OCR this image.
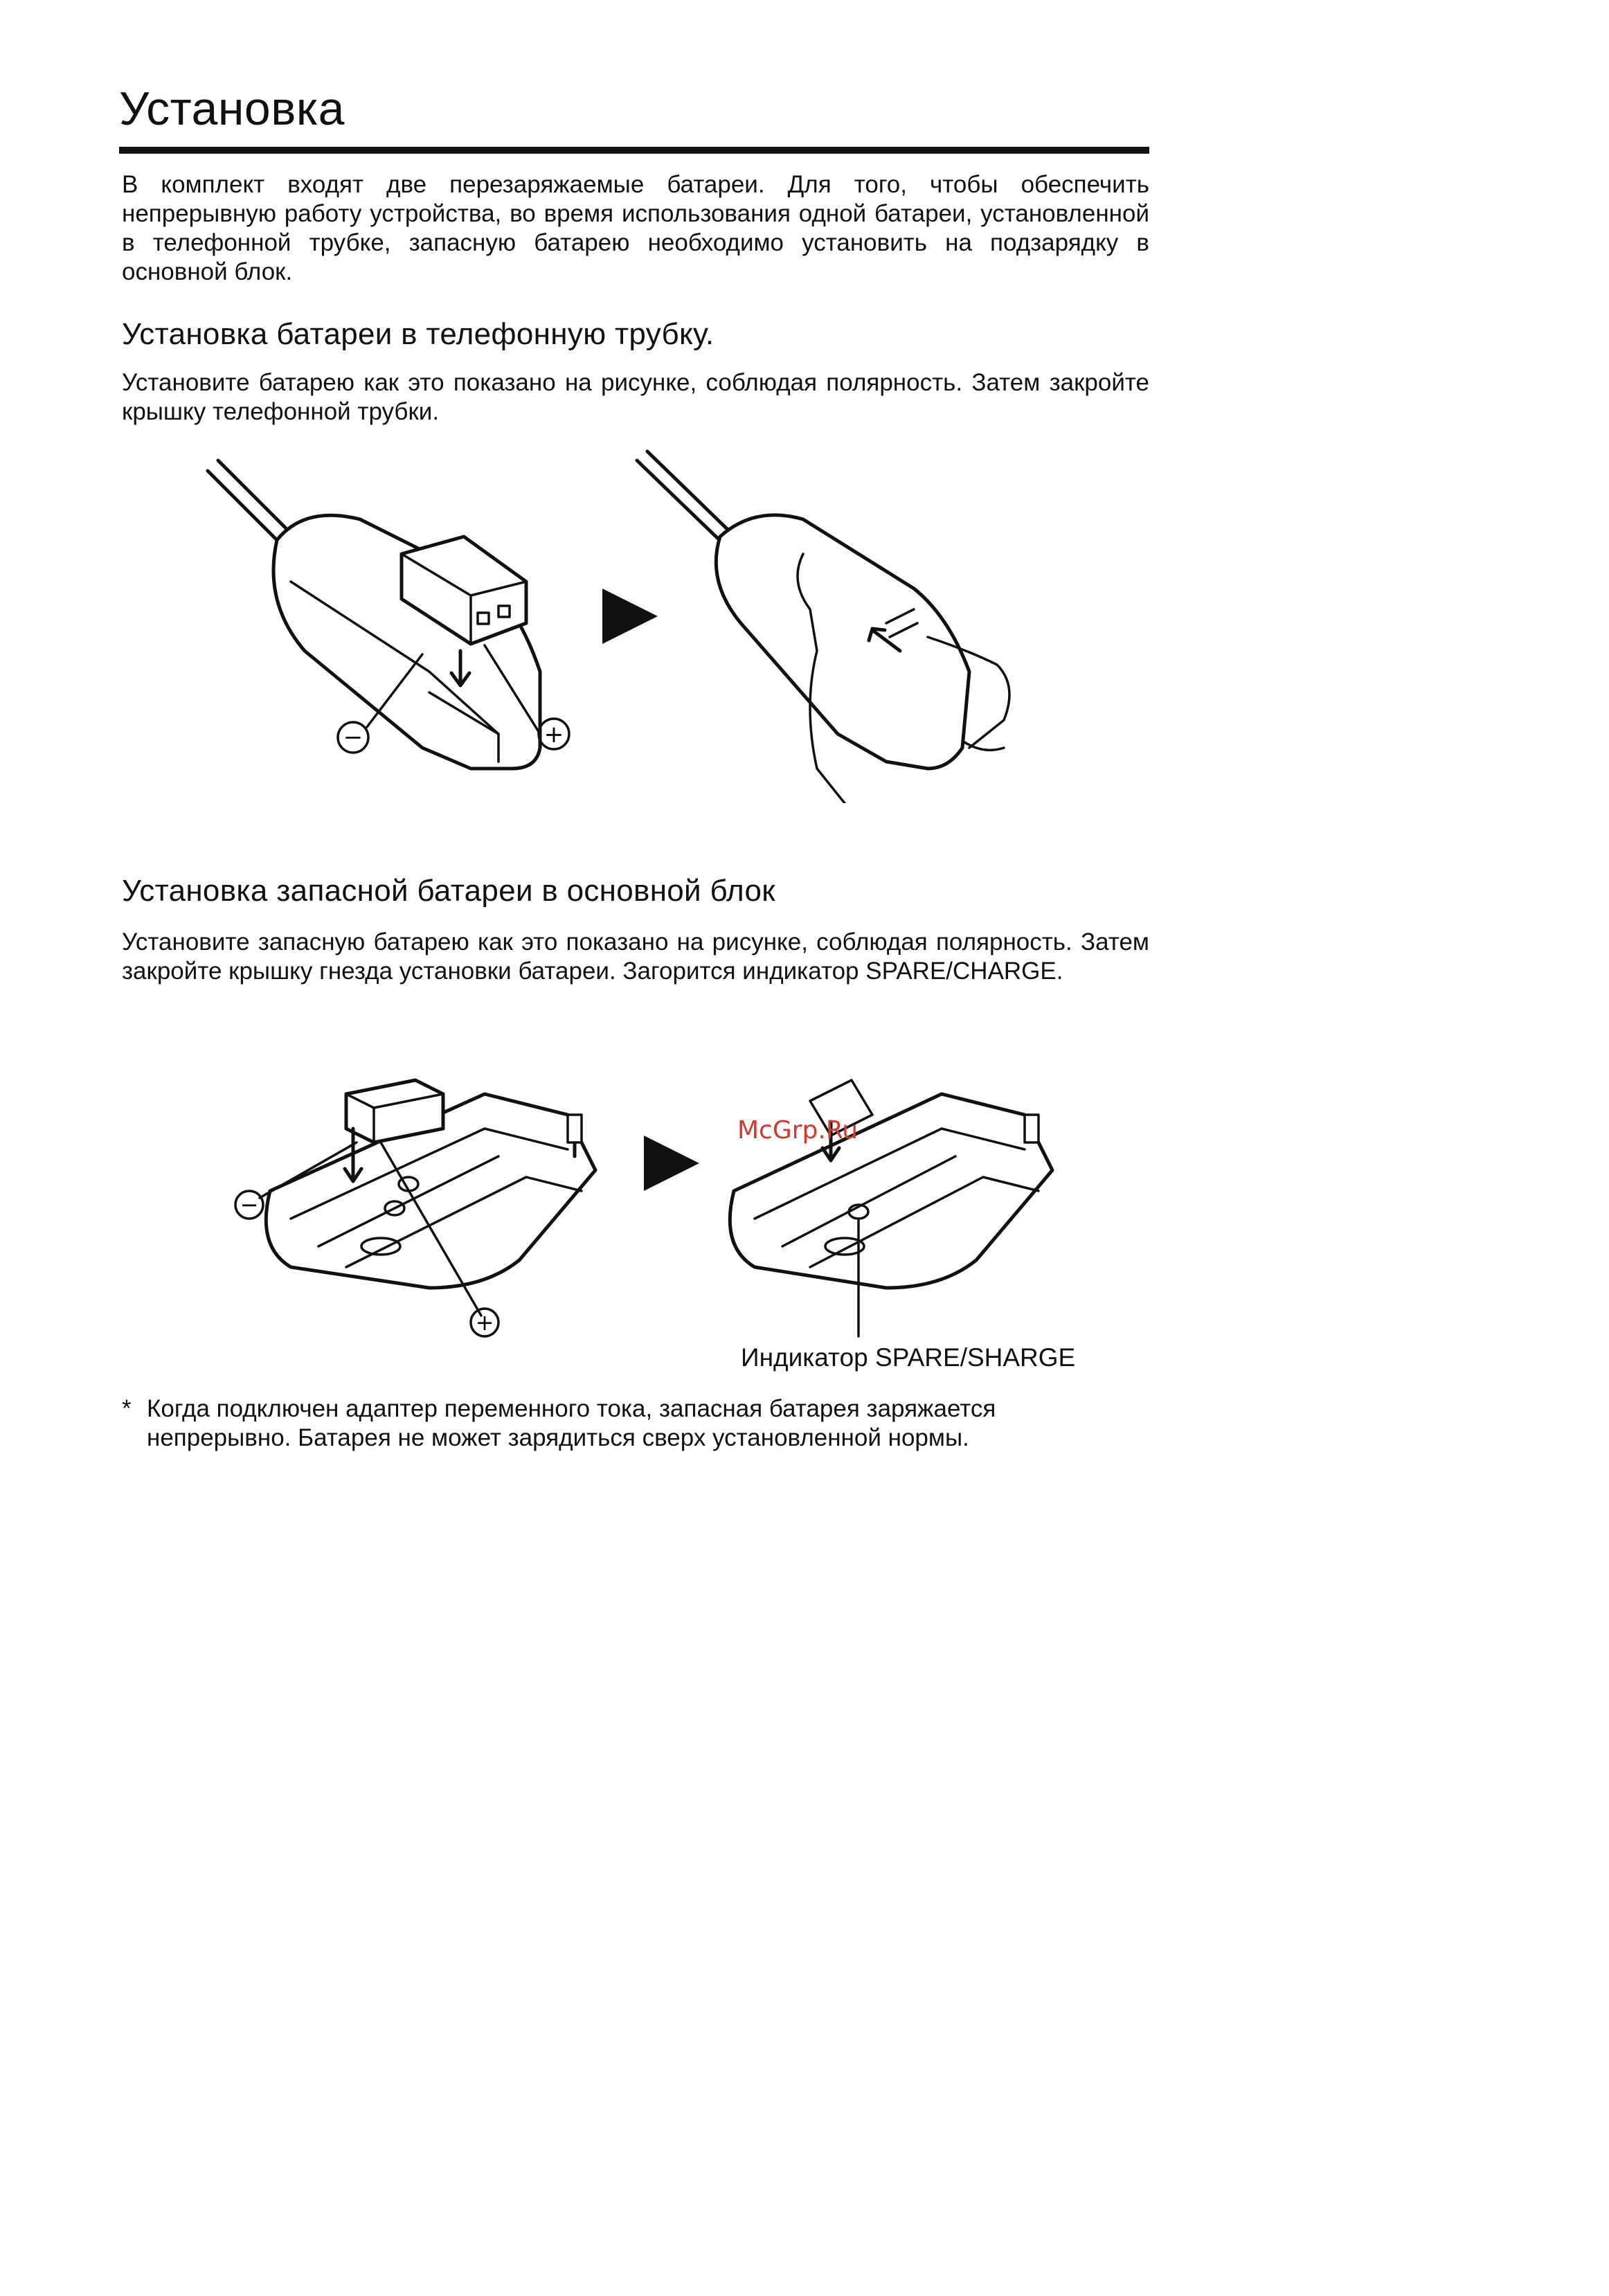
Установка
В комплект входят две перезаряжаемые батареи. Для того, чтобы обеспечить непрерывную работу устройства, во время использования одной батареи, установленной в телефонной трубке, запасную батарею необходимо установить на подзарядку в основной блок.
Установка батареи в телефонную трубку.
Установите батарею как это показано на рисунке, соблюдая полярность. Затем закройте крышку телефонной трубки.
−	+
Установка запасной батареи в основной блок
Установите запасную батарею как это показано на рисунке, соблюдая полярность. Затем закройте крышку гнезда установки батареи. Загорится индикатор SPARE/CHARGE.
−
+
McGrp.Ru
Индикатор SPARE/SHARGE
* Когда подключен адаптер переменного тока, запасная батарея заряжается непрерывно. Батарея не может зарядиться сверх установленной нормы.
